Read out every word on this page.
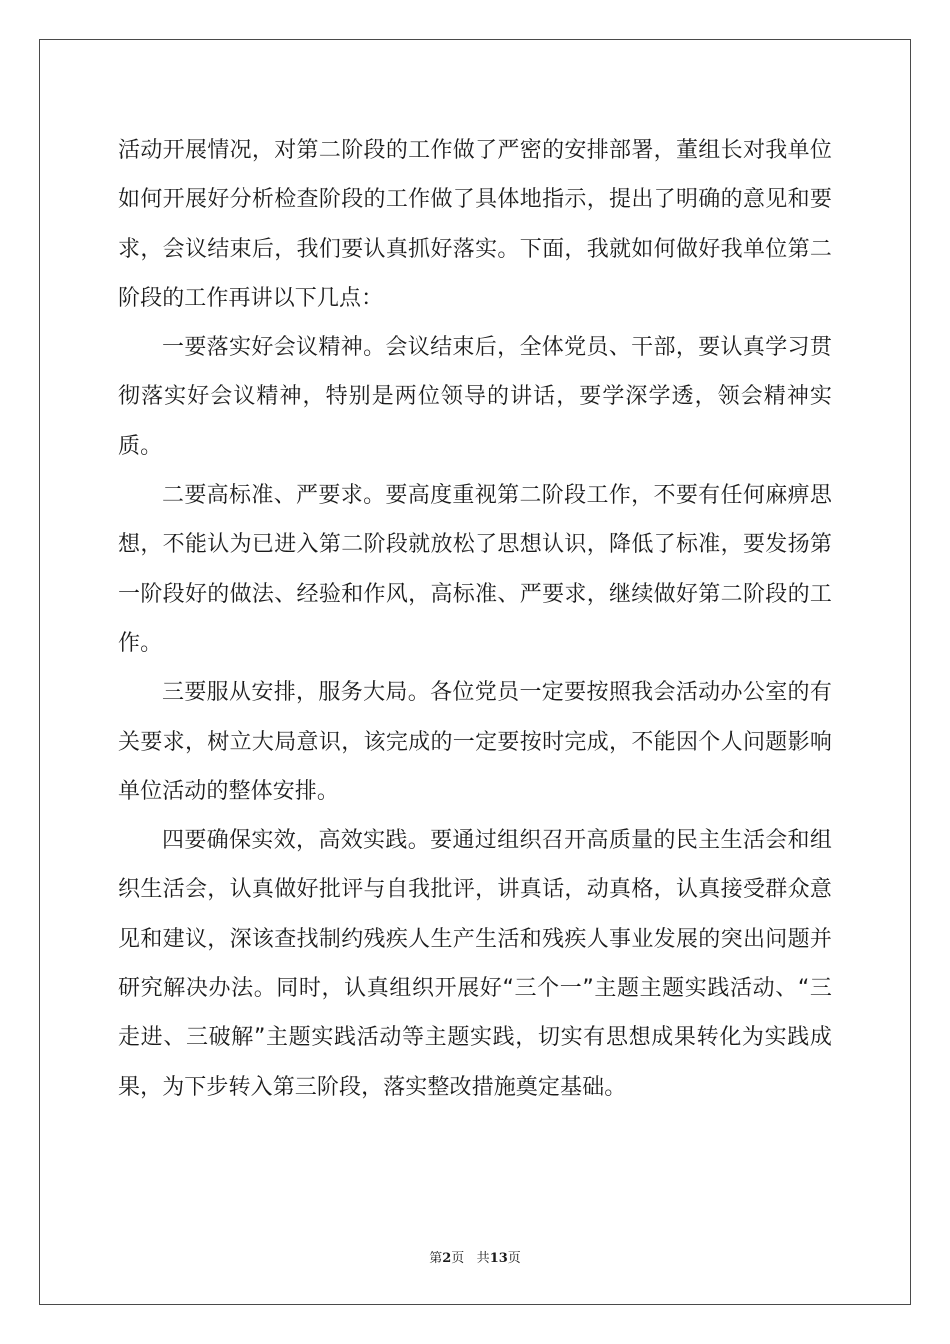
活动开展情况，对第二阶段的工作做了严密的安排部署，董组长对我单位如何开展好分析检查阶段的工作做了具体地指示，提出了明确的意见和要求，会议结束后，我们要认真抓好落实。下面，我就如何做好我单位第二阶段的工作再讲以下几点：

一要落实好会议精神。会议结束后，全体党员、干部，要认真学习贯彻落实好会议精神，特别是两位领导的讲话，要学深学透，领会精神实质。

二要高标准、严要求。要高度重视第二阶段工作，不要有任何麻痹思想，不能认为已进入第二阶段就放松了思想认识，降低了标准，要发扬第一阶段好的做法、经验和作风，高标准、严要求，继续做好第二阶段的工作。

三要服从安排，服务大局。各位党员一定要按照我会活动办公室的有关要求，树立大局意识，该完成的一定要按时完成，不能因个人问题影响单位活动的整体安排。

四要确保实效，高效实践。要通过组织召开高质量的民主生活会和组织生活会，认真做好批评与自我批评，讲真话，动真格，认真接受群众意见和建议，深该查找制约残疾人生产生活和残疾人事业发展的突出问题并研究解决办法。同时，认真组织开展好“三个一”主题主题实践活动、“三走进、三破解”主题实践活动等主题实践，切实有思想成果转化为实践成果，为下步转入第三阶段，落实整改措施奠定基础。

第2页 共13页
